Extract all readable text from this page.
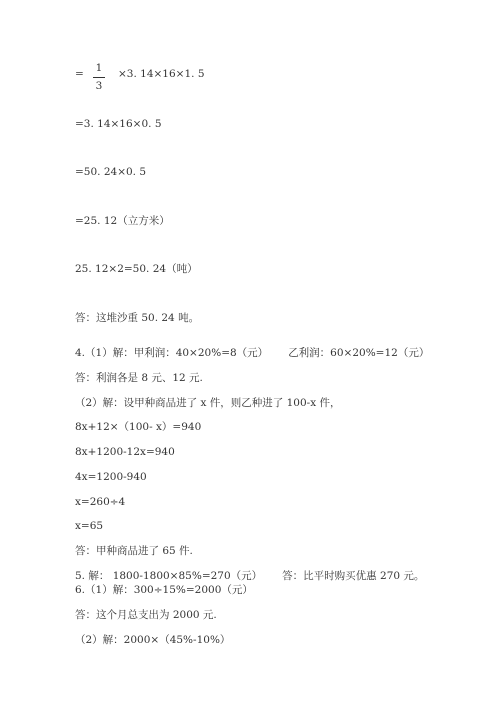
= 1
3
×3. 14×16×1. 5
=3. 14×16×0. 5
=50. 24×0. 5
=25. 12（立方米）
25. 12×2=50. 24（吨）
答：这堆沙重 50. 24 吨。
4.（1）解：甲利润：40×20%=8（元） 乙利润：60×20%=12（元）
答：利润各是 8 元、12 元.
（2）解：设甲种商品进了 x 件，则乙种进了 100-x 件，
8x+12×（100- x）=940
8x+1200-12x=940
4x=1200-940
x=260÷4
x=65
答：甲种商品进了 65 件.
5. 解： 1800-1800×85%=270（元） 答：比平时购买优惠 270 元。
6.（1）解：300÷15%=2000（元）
答：这个月总支出为 2000 元.
（2）解：2000×（45%-10%）
